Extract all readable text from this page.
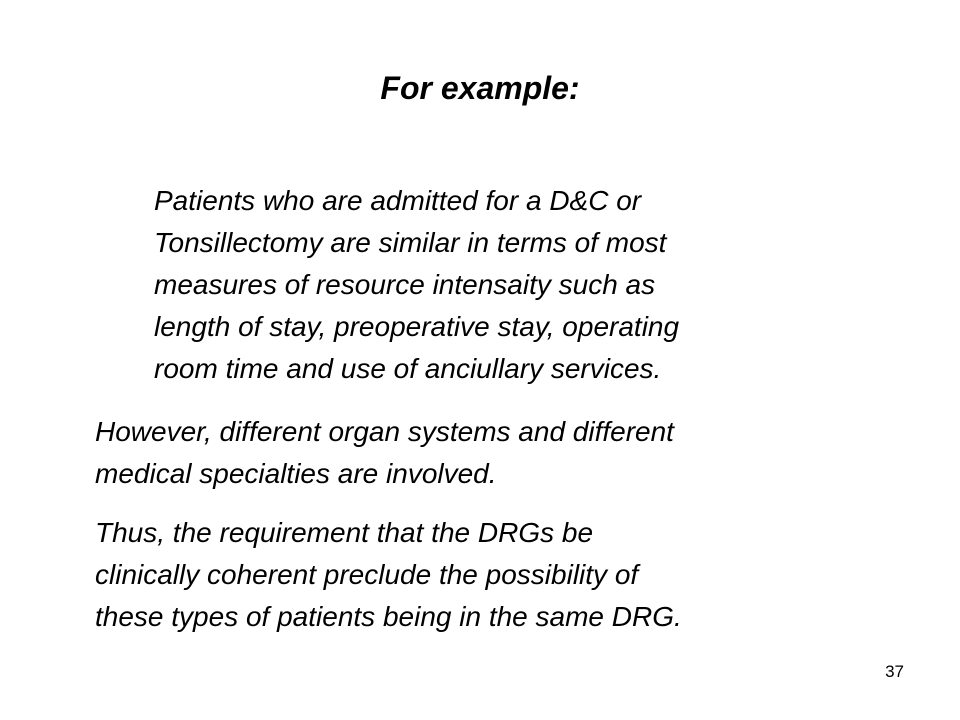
For example:
Patients who are admitted for a D&C or
Tonsillectomy are similar in terms of most
measures of resource intensaity such as
length of stay, preoperative stay, operating
room time and use of anciullary services.
However, different organ systems and different
medical specialties are involved.
Thus, the requirement that the DRGs be
clinically coherent preclude the possibility of
these types of patients being in the same DRG.
37
